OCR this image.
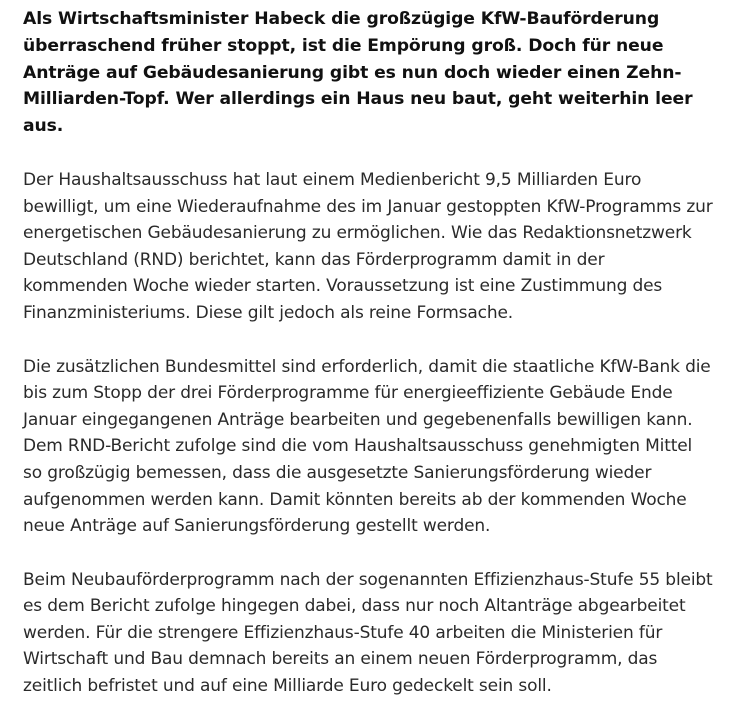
Als Wirtschaftsminister Habeck die großzügige KfW-Bauförderung überraschend früher stoppt, ist die Empörung groß. Doch für neue Anträge auf Gebäudesanierung gibt es nun doch wieder einen Zehn-Milliarden-Topf. Wer allerdings ein Haus neu baut, geht weiterhin leer aus.

Der Haushaltsausschuss hat laut einem Medienbericht 9,5 Milliarden Euro bewilligt, um eine Wiederaufnahme des im Januar gestoppten KfW-Programms zur energetischen Gebäudesanierung zu ermöglichen. Wie das Redaktionsnetzwerk Deutschland (RND) berichtet, kann das Förderprogramm damit in der kommenden Woche wieder starten. Voraussetzung ist eine Zustimmung des Finanzministeriums. Diese gilt jedoch als reine Formsache.

Die zusätzlichen Bundesmittel sind erforderlich, damit die staatliche KfW-Bank die bis zum Stopp der drei Förderprogramme für energieeffiziente Gebäude Ende Januar eingegangenen Anträge bearbeiten und gegebenenfalls bewilligen kann. Dem RND-Bericht zufolge sind die vom Haushaltsausschuss genehmigten Mittel so großzügig bemessen, dass die ausgesetzte Sanierungsförderung wieder aufgenommen werden kann. Damit könnten bereits ab der kommenden Woche neue Anträge auf Sanierungsförderung gestellt werden.

Beim Neubauförderprogramm nach der sogenannten Effizienzhaus-Stufe 55 bleibt es dem Bericht zufolge hingegen dabei, dass nur noch Altanträge abgearbeitet werden. Für die strengere Effizienzhaus-Stufe 40 arbeiten die Ministerien für Wirtschaft und Bau demnach bereits an einem neuen Förderprogramm, das zeitlich befristet und auf eine Milliarde Euro gedeckelt sein soll.
